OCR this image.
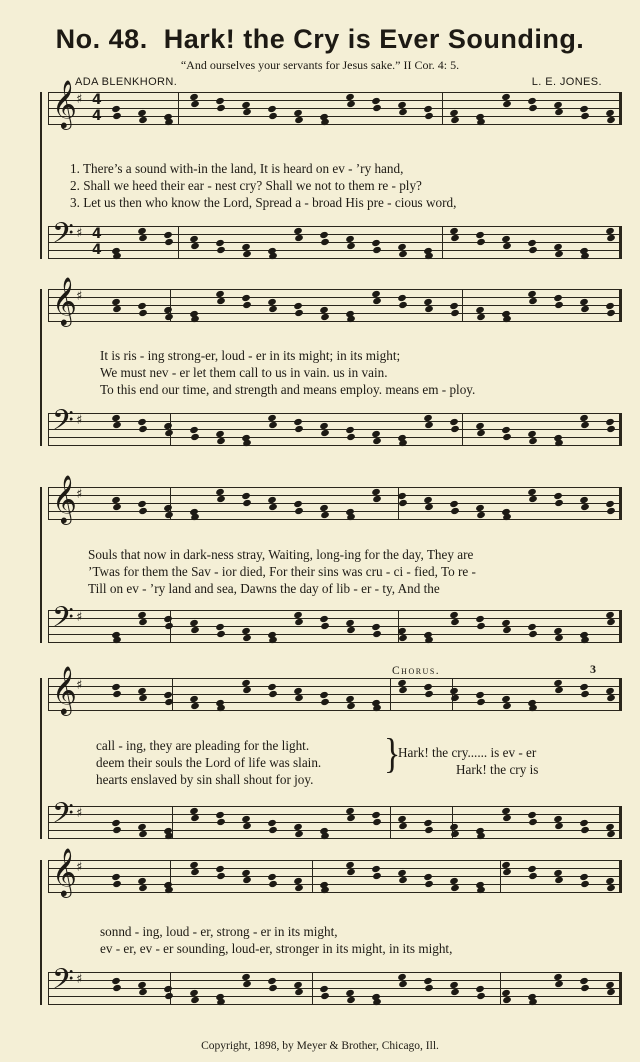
No. 48. Hark! the Cry is Ever Sounding.
“And ourselves your servants for Jesus sake.” II Cor. 4: 5.
ADA BLENKHORN.	L. E. JONES.
𝄞 ♯ 4
4
𝄢 ♯ 4
4
𝄞 ♯
𝄢 ♯
𝄞 ♯
𝄢 ♯
𝄞 ♯
𝄢 ♯
𝄞 ♯
𝄢 ♯
1. There’s a sound with-in the land, It is heard on ev - ’ry hand,
2. Shall we heed their ear - nest cry? Shall we not to them re - ply?
3. Let us then who know the Lord, Spread a - broad His pre - cious word,
It is ris - ing strong-er, loud - er in its might; in its might;
We must nev - er let them call to us in vain. us in vain.
To this end our time, and strength and means employ. means em - ploy.
Souls that now in dark-ness stray, Waiting, long-ing for the day, They are
’Twas for them the Sav - ior died, For their sins was cru - ci - fied, To re -
Till on ev - ’ry land and sea, Dawns the day of lib - er - ty, And the
Chorus.	3
call - ing, they are pleading for the light.
deem their souls the Lord of life was slain.
hearts enslaved by sin shall shout for joy.
}
Hark! the cry...... is ev - er
Hark! the cry is
sonnd - ing, loud - er, strong - er in its might,
ev - er, ev - er sounding, loud-er, stronger in its might, in its might,
Copyright, 1898, by Meyer & Brother, Chicago, Ill.
